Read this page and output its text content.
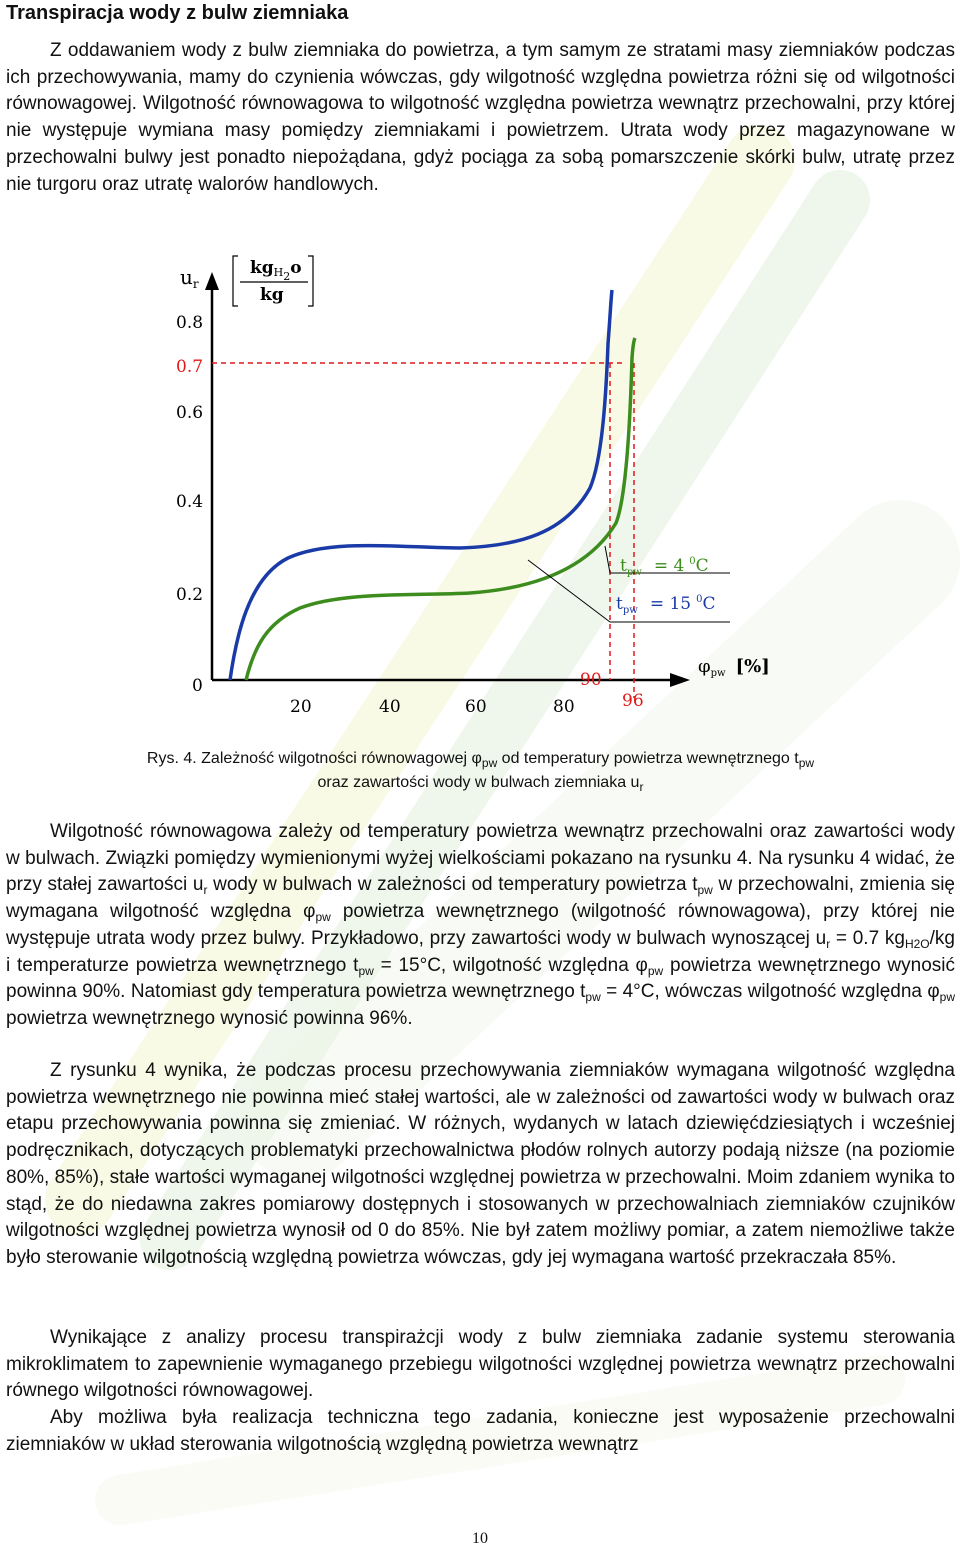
Transpiracja wody z bulw ziemniaka

Z oddawaniem wody z bulw ziemniaka do powietrza, a tym samym ze stratami masy ziemniaków podczas ich przechowywania, mamy do czynienia wówczas, gdy wilgotność względna powietrza różni się od wilgotności równowagowej. Wilgotność równowagowa to wilgotność względna powietrza wewnątrz przechowalni, przy której nie występuje wymiana masy pomiędzy ziemniakami i powietrzem. Utrata wody przez magazynowane w przechowalni bulwy jest ponadto niepożądana, gdyż pociąga za sobą pomarszczenie skórki bulw, utratę przez nie turgoru oraz utratę walorów handlowych.

$u_r$
kgH$_2$o
kg
0.8
0.7
0.6
0.4
0.2
0
20	40	60	80
90
96
$t_{pw} = 4$ $^0$C
$t_{pw} = 15$ $^0$C
$\varphi_{pw}$ [%]
Rys. 4. Zależność wilgotności równowagowej $\varphi_{pw}$ od temperatury powietrza wewnętrznego $t_{pw}$
oraz zawartości wody w bulwach ziemniaka $u_r$

Wilgotność równowagowa zależy od temperatury powietrza wewnątrz przechowalni oraz zawartości wody w bulwach. Związki pomiędzy wymienionymi wyżej wielkościami pokazano na rysunku 4. Na rysunku 4 widać, że przy stałej zawartości $u_r$ wody w bulwach w zależności od temperatury powietrza $t_{pw}$ w przechowalni, zmienia się wymagana wilgotność względna $\varphi_{pw}$ powietrza wewnętrznego (wilgotność równowagowa), przy której nie występuje utrata wody przez bulwy. Przykładowo, przy zawartości wody w bulwach wynoszącej $u_r = 0.7$ $kg_{H2O}/kg$ i temperaturze powietrza wewnętrznego $t_{pw} = 15^\circ C$, wilgotność względna $\varphi_{pw}$ powietrza wewnętrznego wynosić powinna 90%. Natomiast gdy temperatura powietrza wewnętrznego $t_{pw} = 4^\circ C$, wówczas wilgotność względna $\varphi_{pw}$ powietrza wewnętrznego wynosić powinna 96%.

Z rysunku 4 wynika, że podczas procesu przechowywania ziemniaków wymagana wilgotność względna powietrza wewnętrznego nie powinna mieć stałej wartości, ale w zależności od zawartości wody w bulwach oraz etapu przechowywania powinna się zmieniać. W różnych, wydanych w latach dziewięćdziesiątych i wcześniej podręcznikach, dotyczących problematyki przechowalnictwa płodów rolnych autorzy podają niższe (na poziomie 80%, 85%), stałe wartości wymaganej wilgotności względnej powietrza w przechowalni. Moim zdaniem wynika to stąd, że do niedawna zakres pomiarowy dostępnych i stosowanych w przechowalniach ziemniaków czujników wilgotności względnej powietrza wynosił od 0 do 85%. Nie był zatem możliwy pomiar, a zatem niemożliwe także było sterowanie wilgotnością względną powietrza wówczas, gdy jej wymagana wartość przekraczała 85%.

Wynikające z analizy procesu transpirażcji wody z bulw ziemniaka zadanie systemu sterowania mikroklimatem to zapewnienie wymaganego przebiegu wilgotności względnej powietrza wewnątrz przechowalni równego wilgotności równowagowej.

Aby możliwa była realizacja techniczna tego zadania, konieczne jest wyposażenie przechowalni ziemniaków w układ sterowania wilgotnością względną powietrza wewnątrz

10
